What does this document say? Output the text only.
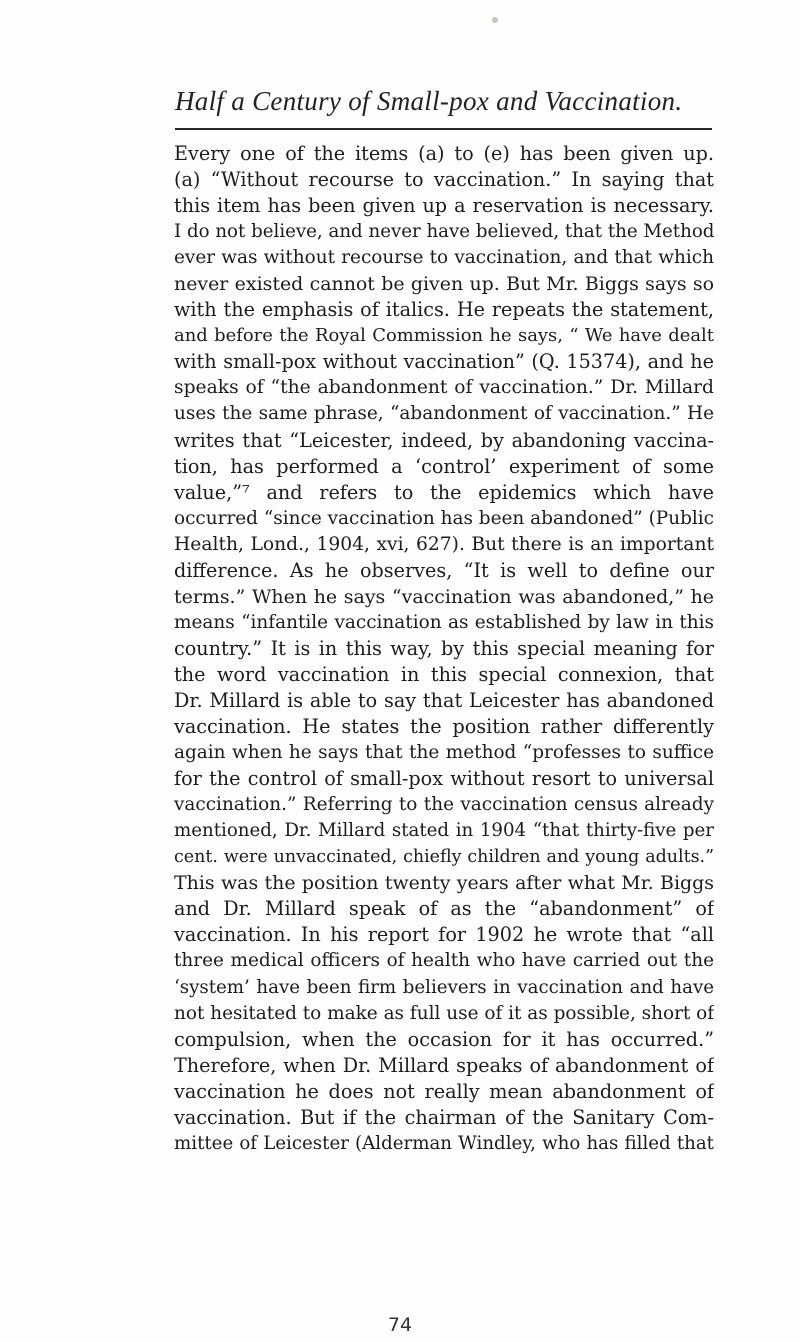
Half a Century of Small-pox and Vaccination.
Every one of the items (a) to (e) has been given up.
(a) “Without recourse to vaccination.” In saying that
this item has been given up a reservation is necessary.
I do not believe, and never have believed, that the Method
ever was without recourse to vaccination, and that which
never existed cannot be given up. But Mr. Biggs says so
with the emphasis of italics. He repeats the statement,
and before the Royal Commission he says, “ We have dealt
with small-pox without vaccination” (Q. 15374), and he
speaks of “the abandonment of vaccination.” Dr. Millard
uses the same phrase, “abandonment of vaccination.” He
writes that “Leicester, indeed, by abandoning vaccina-
tion, has performed a ‘control’ experiment of some
value,”⁷ and refers to the epidemics which have
occurred “since vaccination has been abandoned” (Public
Health, Lond., 1904, xvi, 627). But there is an important
difference. As he observes, “It is well to define our
terms.” When he says “vaccination was abandoned,” he
means “infantile vaccination as established by law in this
country.” It is in this way, by this special meaning for
the word vaccination in this special connexion, that
Dr. Millard is able to say that Leicester has abandoned
vaccination. He states the position rather differently
again when he says that the method “professes to suffice
for the control of small-pox without resort to universal
vaccination.” Referring to the vaccination census already
mentioned, Dr. Millard stated in 1904 “that thirty-five per
cent. were unvaccinated, chiefly children and young adults.”
This was the position twenty years after what Mr. Biggs
and Dr. Millard speak of as the “abandonment” of
vaccination. In his report for 1902 he wrote that “all
three medical officers of health who have carried out the
‘system’ have been firm believers in vaccination and have
not hesitated to make as full use of it as possible, short of
compulsion, when the occasion for it has occurred.”
Therefore, when Dr. Millard speaks of abandonment of
vaccination he does not really mean abandonment of
vaccination. But if the chairman of the Sanitary Com-
mittee of Leicester (Alderman Windley, who has filled that
74
